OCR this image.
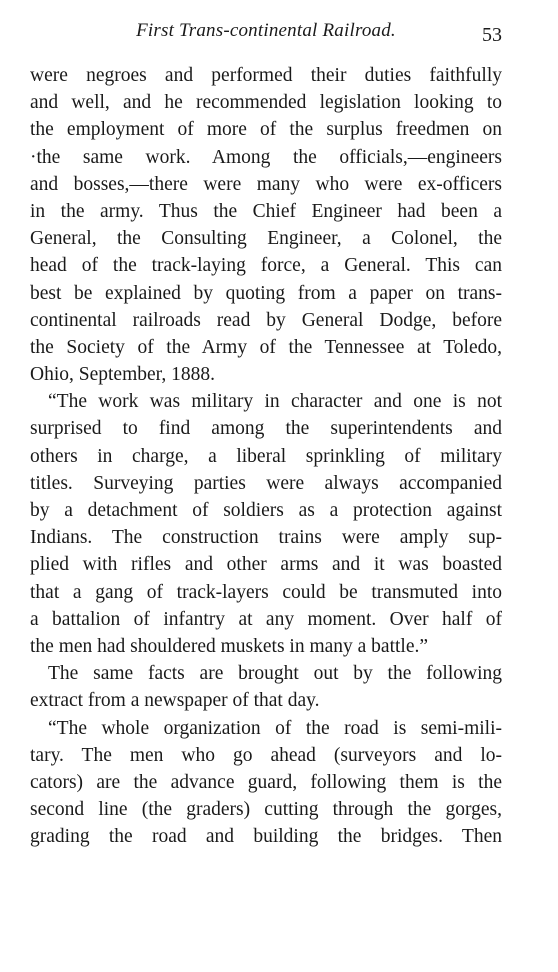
First Trans-continental Railroad.	53
were negroes and performed their duties faithfully
and well, and he recommended legislation looking to
the employment of more of the surplus freedmen on
·the same work. Among the officials,—engineers
and bosses,—there were many who were ex-officers
in the army. Thus the Chief Engineer had been a
General, the Consulting Engineer, a Colonel, the
head of the track-laying force, a General. This can
best be explained by quoting from a paper on trans-
continental railroads read by General Dodge, before
the Society of the Army of the Tennessee at Toledo,
Ohio, September, 1888.
“The work was military in character and one is not
surprised to find among the superintendents and
others in charge, a liberal sprinkling of military
titles. Surveying parties were always accompanied
by a detachment of soldiers as a protection against
Indians. The construction trains were amply sup-
plied with rifles and other arms and it was boasted
that a gang of track-layers could be transmuted into
a battalion of infantry at any moment. Over half of
the men had shouldered muskets in many a battle.”
The same facts are brought out by the following
extract from a newspaper of that day.
“The whole organization of the road is semi-mili-
tary. The men who go ahead (surveyors and lo-
cators) are the advance guard, following them is the
second line (the graders) cutting through the gorges,
grading the road and building the bridges. Then
